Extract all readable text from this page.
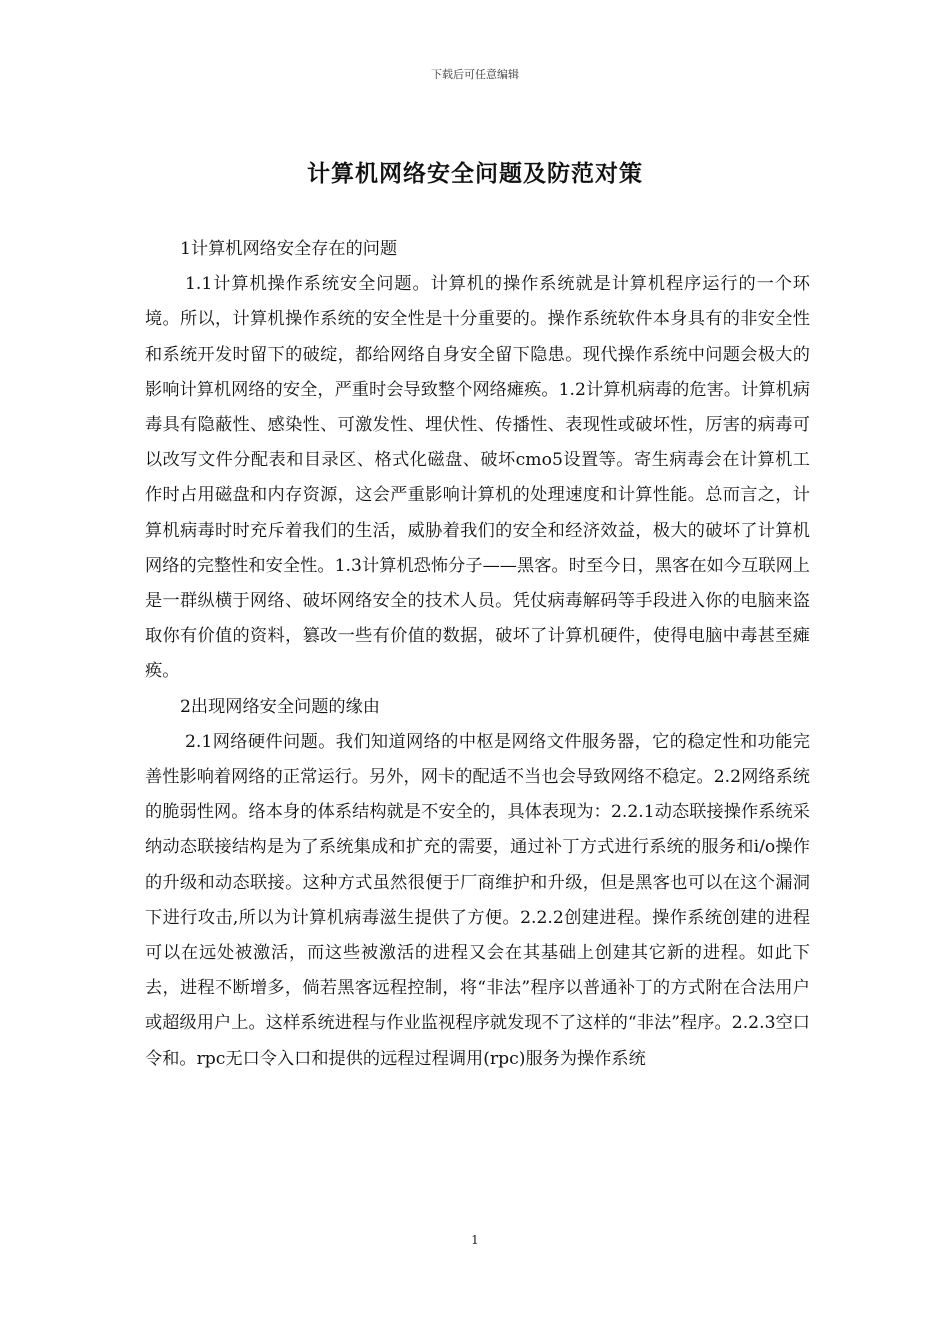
下载后可任意编辑
计算机网络安全问题及防范对策

1计算机网络安全存在的问题

1.1计算机操作系统安全问题。计算机的操作系统就是计算机程序运行的一个环境。所以，计算机操作系统的安全性是十分重要的。操作系统软件本身具有的非安全性和系统开发时留下的破绽，都给网络自身安全留下隐患。现代操作系统中问题会极大的影响计算机网络的安全，严重时会导致整个网络瘫痪。1.2计算机病毒的危害。计算机病毒具有隐蔽性、感染性、可激发性、埋伏性、传播性、表现性或破坏性，厉害的病毒可以改写文件分配表和目录区、格式化磁盘、破坏cmo5设置等。寄生病毒会在计算机工作时占用磁盘和内存资源，这会严重影响计算机的处理速度和计算性能。总而言之，计算机病毒时时充斥着我们的生活，威胁着我们的安全和经济效益，极大的破坏了计算机网络的完整性和安全性。1.3计算机恐怖分子——黑客。时至今日，黑客在如今互联网上是一群纵横于网络、破坏网络安全的技术人员。凭仗病毒解码等手段进入你的电脑来盗取你有价值的资料，篡改一些有价值的数据，破坏了计算机硬件，使得电脑中毒甚至瘫痪。

2出现网络安全问题的缘由

2.1网络硬件问题。我们知道网络的中枢是网络文件服务器，它的稳定性和功能完善性影响着网络的正常运行。另外，网卡的配适不当也会导致网络不稳定。2.2网络系统的脆弱性网。络本身的体系结构就是不安全的，具体表现为：2.2.1动态联接操作系统采纳动态联接结构是为了系统集成和扩充的需要，通过补丁方式进行系统的服务和i/o操作的升级和动态联接。这种方式虽然很便于厂商维护和升级，但是黑客也可以在这个漏洞下进行攻击,所以为计算机病毒滋生提供了方便。2.2.2创建进程。操作系统创建的进程可以在远处被激活，而这些被激活的进程又会在其基础上创建其它新的进程。如此下去，进程不断增多，倘若黑客远程控制，将“非法”程序以普通补丁的方式附在合法用户或超级用户上。这样系统进程与作业监视程序就发现不了这样的“非法”程序。2.2.3空口令和。rpc无口令入口和提供的远程过程调用(rpc)服务为操作系统

1
